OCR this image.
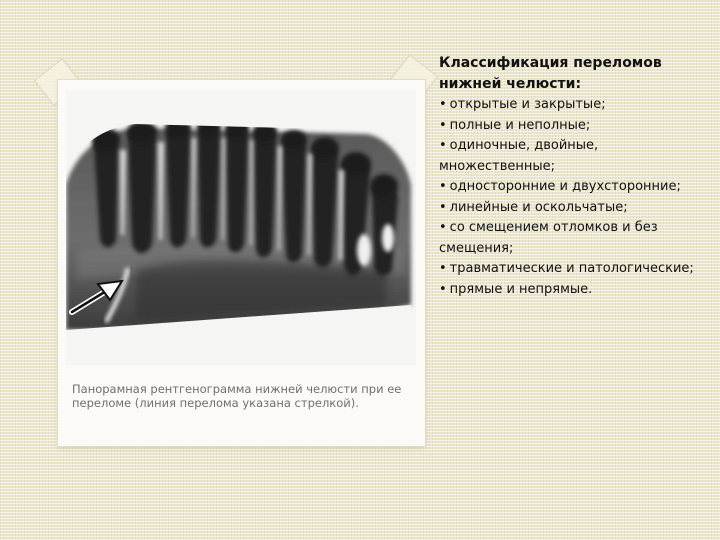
Панорамная рентгенограмма нижней челюсти при ее переломе (линия перелома указана стрелкой).
Классификация переломов нижней челюсти:
• открытые и закрытые;
• полные и неполные;
• одиночные, двойные, множественные;
• односторонние и двухсторонние;
• линейные и оскольчатые;
• со смещением отломков и без смещения;
• травматические и патологические;
• прямые и непрямые.
